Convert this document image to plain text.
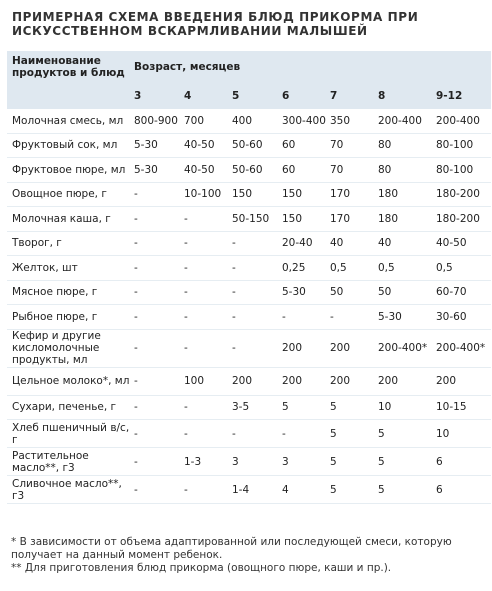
ПРИМЕРНАЯ СХЕМА ВВЕДЕНИЯ БЛЮД ПРИКОРМА ПРИ ИСКУССТВЕННОМ ВСКАРМЛИВАНИИ МАЛЫШЕЙ
Наименование продуктов и блюд	Возраст, месяцев						
	3	4	5	6	7	8	9-12
Молочная смесь, мл	800-900	700	400	300-400	350	200-400	200-400
Фруктовый сок, мл	5-30	40-50	50-60	60	70	80	80-100
Фруктовое пюре, мл	5-30	40-50	50-60	60	70	80	80-100
Овощное пюре, г	-	10-100	150	150	170	180	180-200
Молочная каша, г	-	-	50-150	150	170	180	180-200
Творог, г	-	-	-	20-40	40	40	40-50
Желток, шт	-	-	-	0,25	0,5	0,5	0,5
Мясное пюре, г	-	-	-	5-30	50	50	60-70
Рыбное пюре, г	-	-	-	-	-	5-30	30-60
Кефир и другие кисломолочные продукты, мл	-	-	-	200	200	200-400*	200-400*
Цельное молоко*, мл	-	100	200	200	200	200	200
Сухари, печенье, г	-	-	3-5	5	5	10	10-15
Хлеб пшеничный в/с, г	-	-	-	-	5	5	10
Растительное масло**, г3	-	1-3	3	3	5	5	6
Сливочное масло**, г3	-	-	1-4	4	5	5	6

* В зависимости от объема адаптированной или последующей смеси, которую получает на данный момент ребенок.

** Для приготовления блюд прикорма (овощного пюре, каши и пр.).
